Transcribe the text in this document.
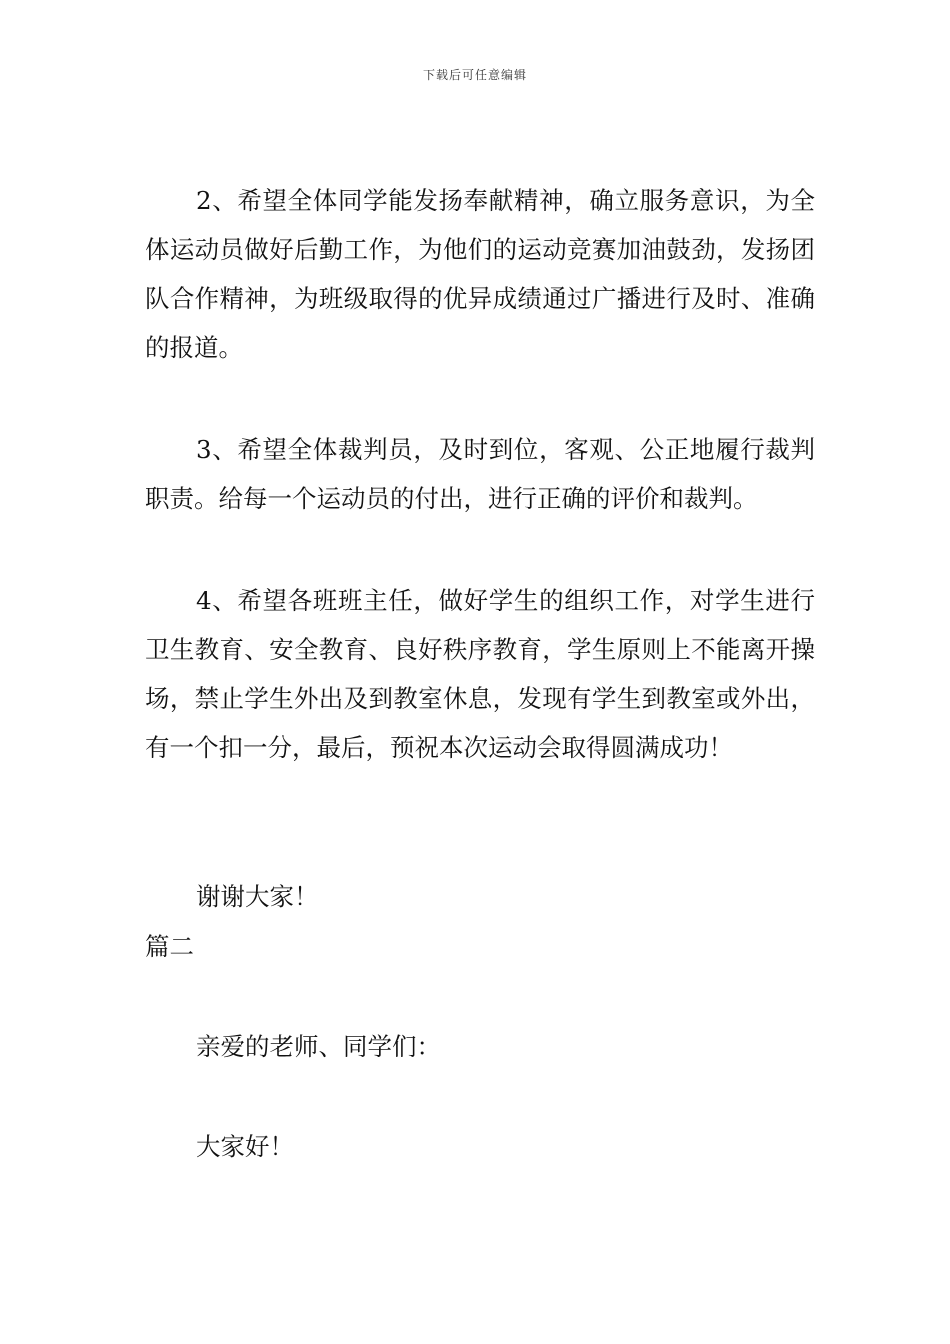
下载后可任意编辑

2、希望全体同学能发扬奉献精神，确立服务意识，为全体运动员做好后勤工作，为他们的运动竞赛加油鼓劲，发扬团队合作精神，为班级取得的优异成绩通过广播进行及时、准确的报道。

3、希望全体裁判员，及时到位，客观、公正地履行裁判职责。给每一个运动员的付出，进行正确的评价和裁判。

4、希望各班班主任，做好学生的组织工作，对学生进行卫生教育、安全教育、良好秩序教育，学生原则上不能离开操场，禁止学生外出及到教室休息，发现有学生到教室或外出，有一个扣一分，最后，预祝本次运动会取得圆满成功！

谢谢大家！

篇二

亲爱的老师、同学们：

大家好！
